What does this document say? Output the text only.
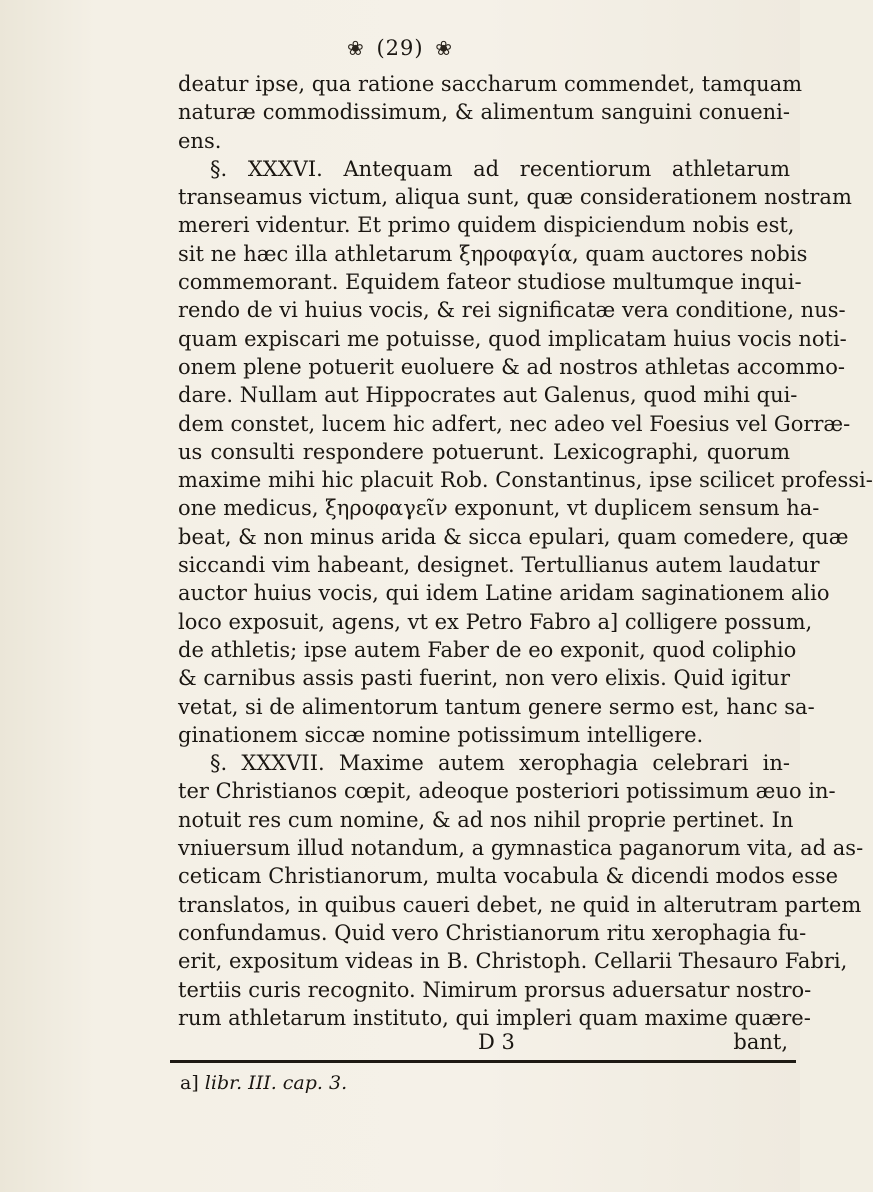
❀ (29) ❀
deatur ipse, qua ratione saccharum commendet, tamquam
naturæ commodissimum, & alimentum sanguini conueni-
ens.
§. XXXVI. Antequam ad recentiorum athletarum
transeamus victum, aliqua sunt, quæ considerationem nostram
mereri videntur. Et primo quidem dispiciendum nobis est,
sit ne hæc illa athletarum ξηροφαγία, quam auctores nobis
commemorant. Equidem fateor studiose multumque inqui-
rendo de vi huius vocis, & rei significatæ vera conditione, nus-
quam expiscari me potuisse, quod implicatam huius vocis noti-
onem plene potuerit euoluere & ad nostros athletas accommo-
dare. Nullam aut Hippocrates aut Galenus, quod mihi qui-
dem constet, lucem hic adfert, nec adeo vel Foesius vel Gorræ-
us consulti respondere potuerunt. Lexicographi, quorum
maxime mihi hic placuit Rob. Constantinus, ipse scilicet professi-
one medicus, ξηροφαγεῖν exponunt, vt duplicem sensum ha-
beat, & non minus arida & sicca epulari, quam comedere, quæ
siccandi vim habeant, designet. Tertullianus autem laudatur
auctor huius vocis, qui idem Latine aridam saginationem alio
loco exposuit, agens, vt ex Petro Fabro a] colligere possum,
de athletis; ipse autem Faber de eo exponit, quod coliphio
& carnibus assis pasti fuerint, non vero elixis. Quid igitur
vetat, si de alimentorum tantum genere sermo est, hanc sa-
ginationem siccæ nomine potissimum intelligere.
§. XXXVII. Maxime autem xerophagia celebrari in-
ter Christianos cœpit, adeoque posteriori potissimum æuo in-
notuit res cum nomine, & ad nos nihil proprie pertinet. In
vniuersum illud notandum, a gymnastica paganorum vita, ad as-
ceticam Christianorum, multa vocabula & dicendi modos esse
translatos, in quibus caueri debet, ne quid in alterutram partem
confundamus. Quid vero Christianorum ritu xerophagia fu-
erit, expositum videas in B. Christoph. Cellarii Thesauro Fabri,
tertiis curis recognito. Nimirum prorsus aduersatur nostro-
rum athletarum instituto, qui impleri quam maxime quære-
D 3	bant,
a] libr. III. cap. 3.
